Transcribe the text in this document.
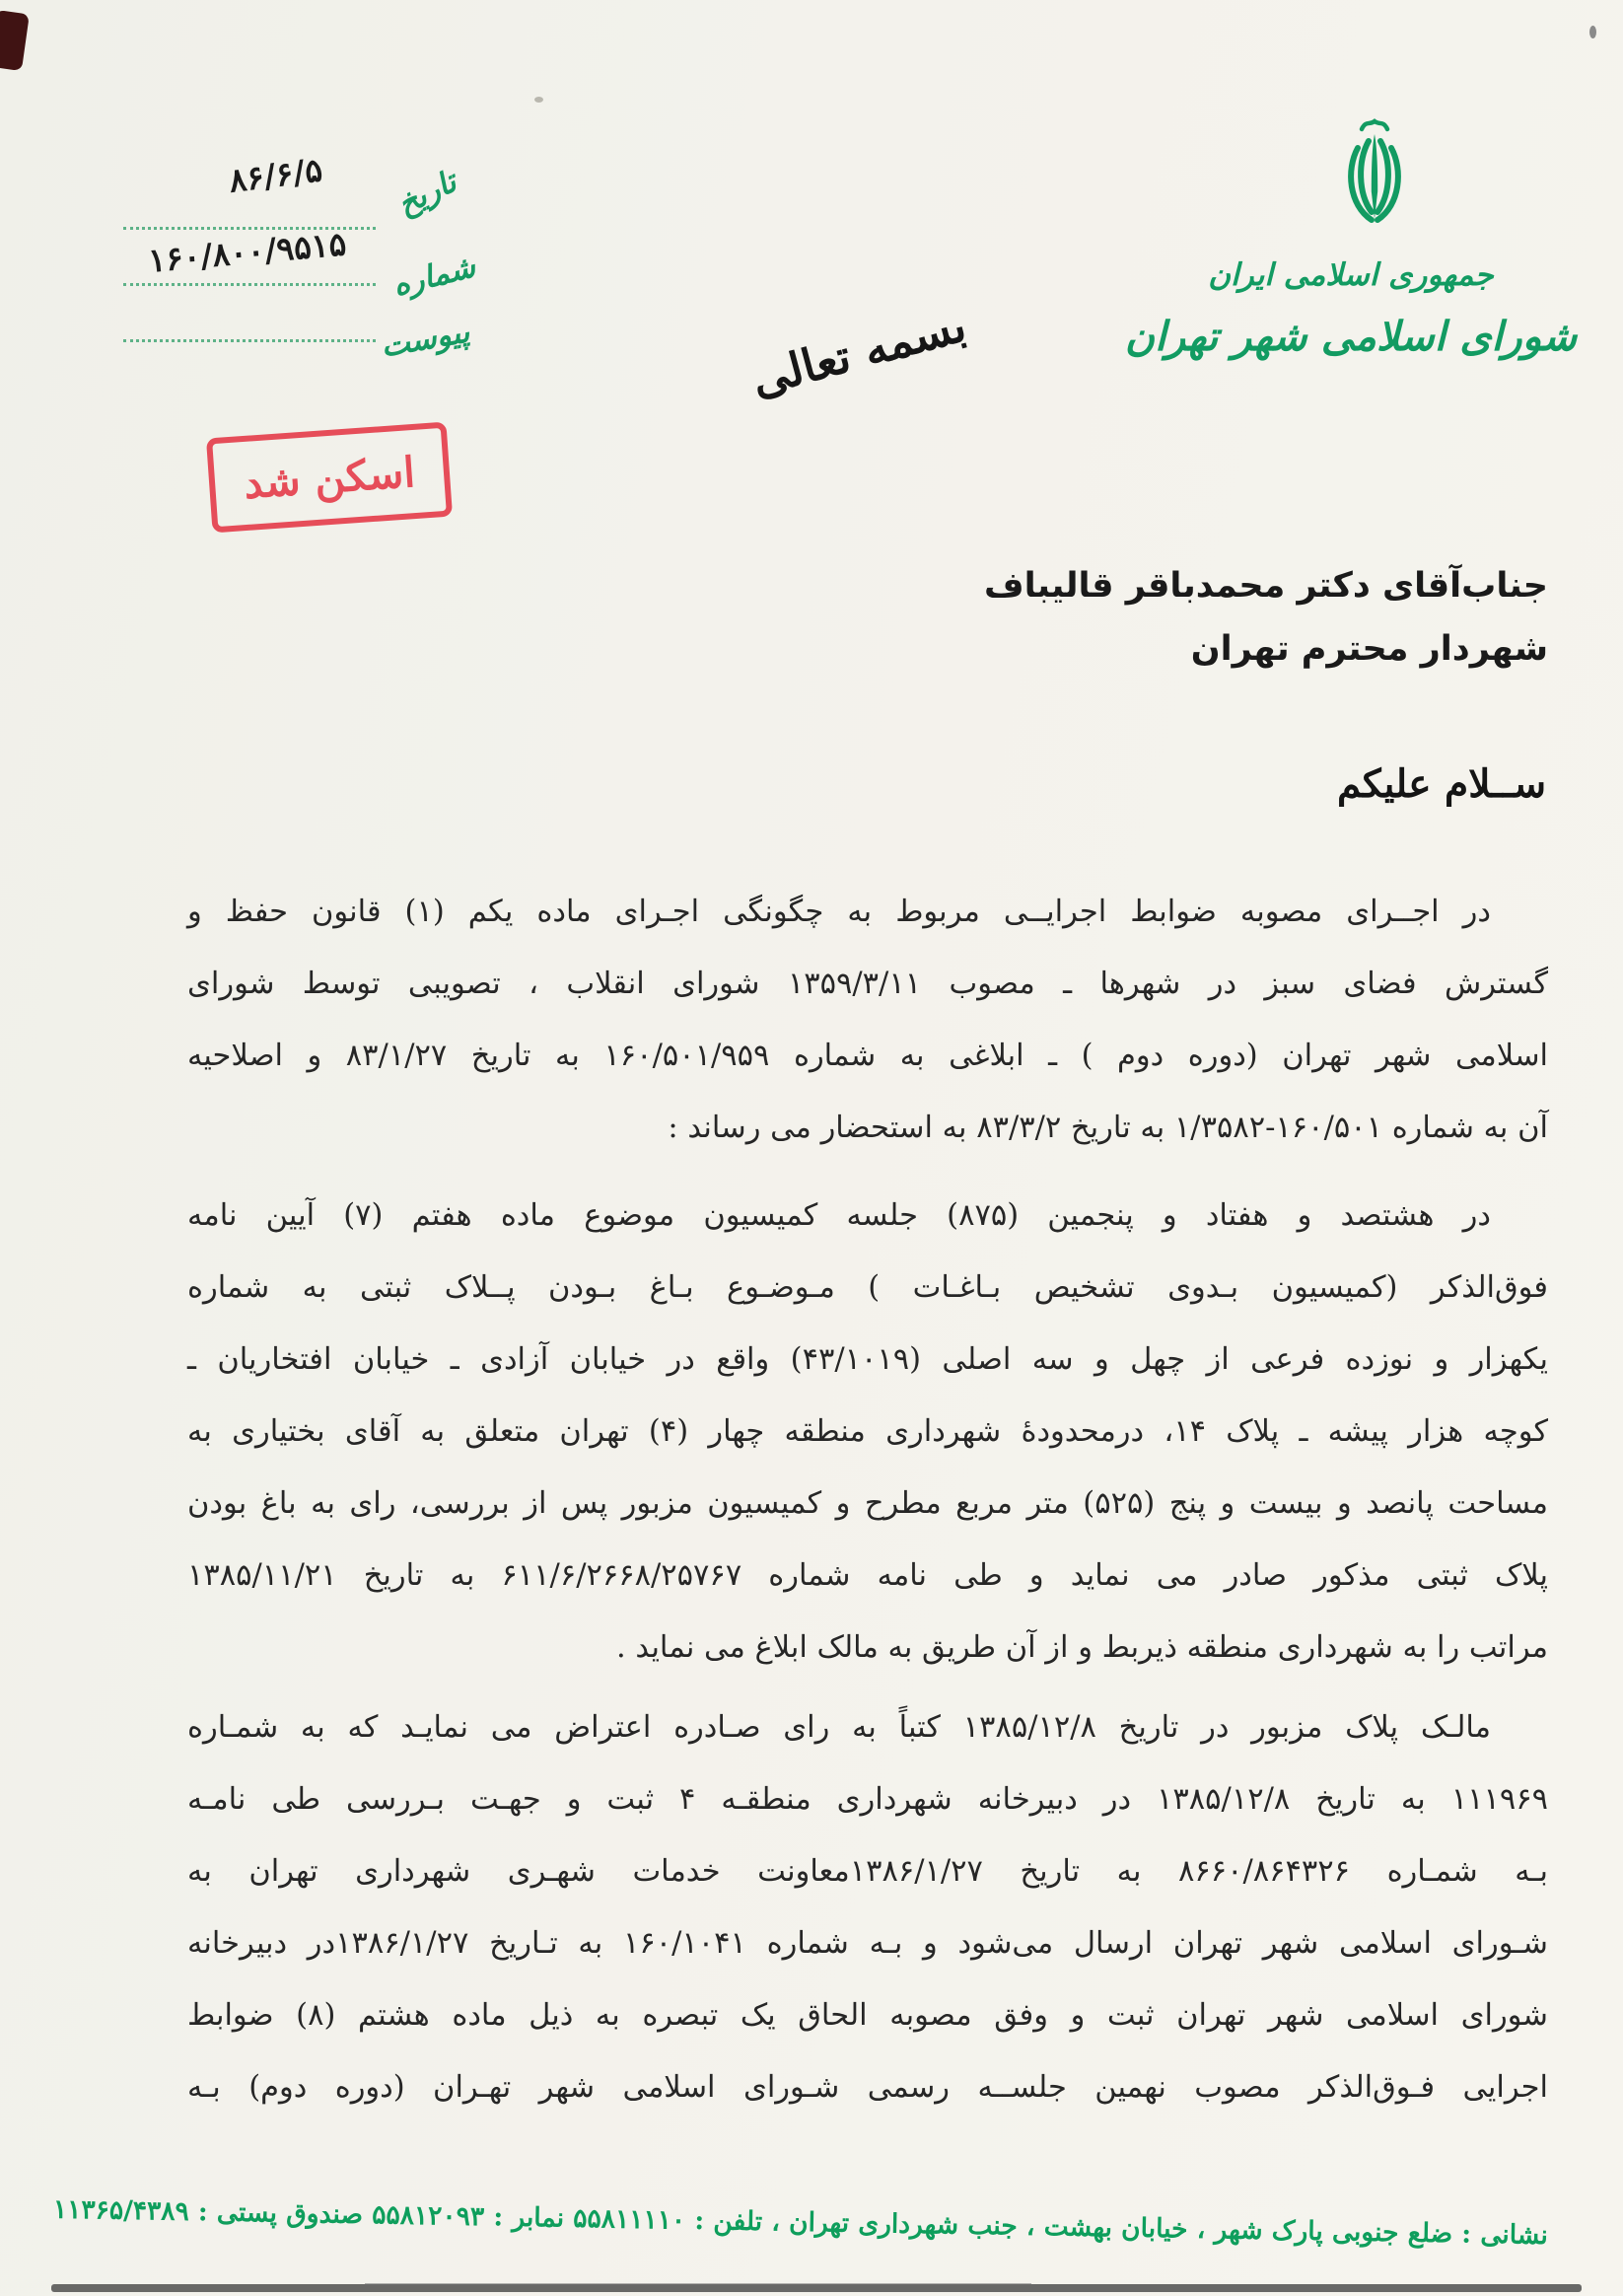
۸۶/۶/۵
۱۶۰/۸۰۰/۹۵۱۵
تاریخ
شماره
پیوست
اسکن شد
جمهوری اسلامی ایران
شورای اسلامی شهر تهران
بسمه تعالی
جناب‌آقای دکتر محمدباقر قالیباف
شهردار محترم تهران
ســلام علیکم
در اجــرای مصوبه ضوابط اجرایــی مربوط به چگونگی اجـرای ماده یکم (۱) قانون حفظ و
گسترش فضای سبز در شهرها ـ مصوب ۱۳۵۹/۳/۱۱ شورای انقلاب ، تصویبی توسط شورای
اسلامی شهر تهران (دوره دوم ) ـ ابلاغی به شماره ۱۶۰/۵۰۱/۹۵۹ به تاریخ ۸۳/۱/۲۷ و اصلاحیه
آن به شماره ۱۶۰/۵۰۱-۱/۳۵۸۲ به تاریخ ۸۳/۳/۲ به استحضار می رساند :
در هشتصد و هفتاد و پنجمین (۸۷۵) جلسه کمیسیون موضوع ماده هفتم (۷) آیین نامه
فوق‌الذکر (کمیسیون بـدوی تشخیص بـاغـات ) مـوضـوع بـاغ بـودن پــلاک ثبتی به شماره
یکهزار و نوزده فرعی از چهل و سه اصلی (۴۳/۱۰۱۹) واقع در خیابان آزادی ـ خیابان افتخاریان ـ
کوچه هزار پیشه ـ پلاک ۱۴، درمحدودهٔ شهرداری منطقه چهار (۴) تهران متعلق به آقای بختیاری به
مساحت پانصد و بیست و پنج (۵۲۵) متر مربع مطرح و کمیسیون مزبور پس از بررسی، رای به باغ بودن
پلاک ثبتی مذکور صادر می نماید و طی نامه شماره ۶۱۱/۶/۲۶۶۸/۲۵۷۶۷ به تاریخ ۱۳۸۵/۱۱/۲۱
مراتب را به شهرداری منطقه ذیربط و از آن طریق به مالک ابلاغ می نماید .
مالـک پلاک مزبور در تاریخ ۱۳۸۵/۱۲/۸ کتباً به رای صـادره اعتراض می نمایـد که به شمـاره
۱۱۱۹۶۹ به تاریخ ۱۳۸۵/۱۲/۸ در دبیرخانه شهرداری منطقـه ۴ ثبت و جهـت بـررسی طی نامـه
بـه شمـاره ۸۶۶۰/۸۶۴۳۲۶ به تاریخ ۱۳۸۶/۱/۲۷معاونت خدمات شهـری شهرداری تهران به
شـورای اسلامی شهر تهران ارسال می‌شود و بـه شماره ۱۶۰/۱۰۴۱ به تـاریخ ۱۳۸۶/۱/۲۷در دبیرخانه
شورای اسلامی شهر تهران ثبت و وفق مصوبه الحاق یک تبصره به ذیل ماده هشتم (۸) ضوابط
اجرایی فـوق‌الذکر مصوب نهمین جلســه رسمی شـورای اسلامی شهر تهـران (دوره دوم) بـه
نشانی : ضلع جنوبی پارک شهر ، خیابان بهشت ، جنب شهرداری تهران ، تلفن : ۵۵۸۱۱۱۱۰ نمابر : ۵۵۸۱۲۰۹۳ صندوق پستی : ۱۱۳۶۵/۴۳۸۹
